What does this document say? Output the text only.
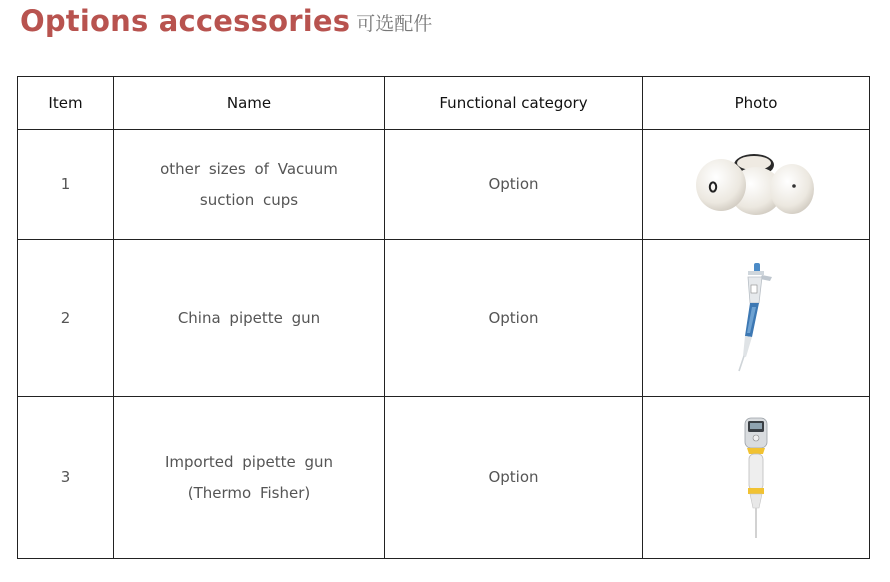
Options accessories 可选配件
Item	Name	Functional category	Photo
1	other sizes of Vacuum suction cups	Option	

2	China pipette gun	Option	

3	Imported pipette gun (Thermo Fisher)	Option	
